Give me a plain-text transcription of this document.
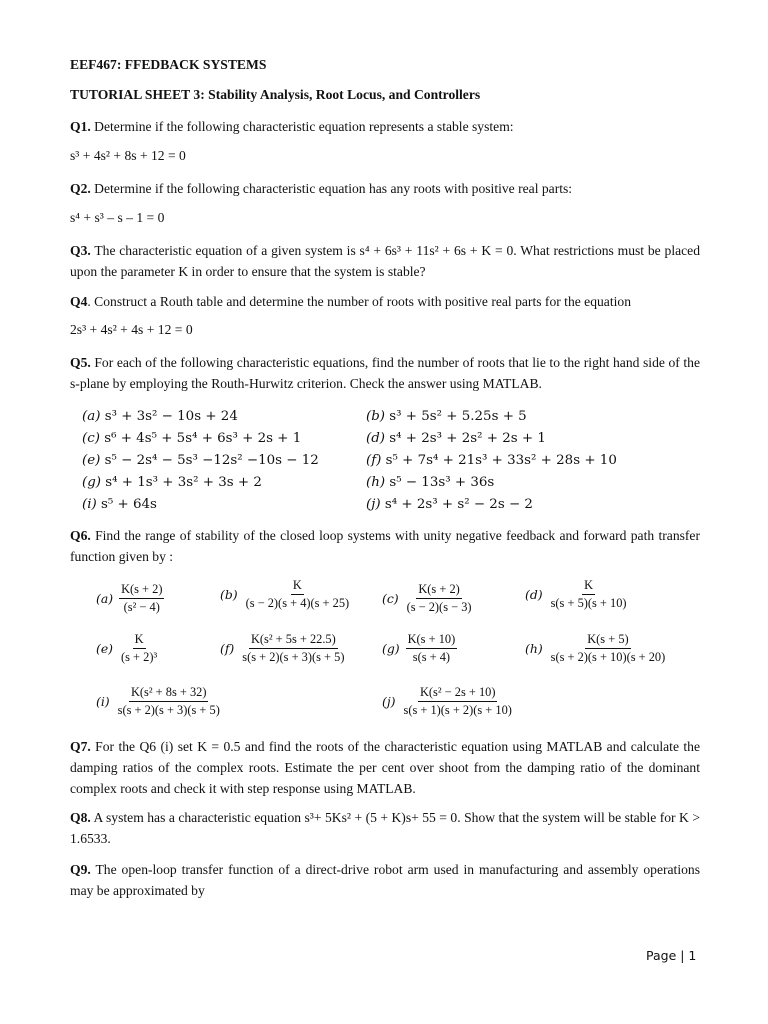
EEF467: FFEDBACK SYSTEMS
TUTORIAL SHEET 3: Stability Analysis, Root Locus, and Controllers
Q1. Determine if the following characteristic equation represents a stable system:
s³ + 4s² + 8s + 12 = 0
Q2. Determine if the following characteristic equation has any roots with positive real parts:
s⁴ + s³ – s – 1 = 0
Q3. The characteristic equation of a given system is s⁴ + 6s³ + 11s² + 6s + K = 0. What restrictions must be placed upon the parameter K in order to ensure that the system is stable?
Q4. Construct a Routh table and determine the number of roots with positive real parts for the equation
2s³ + 4s² + 4s + 12 = 0
Q5. For each of the following characteristic equations, find the number of roots that lie to the right hand side of the s-plane by employing the Routh-Hurwitz criterion. Check the answer using MATLAB.
(a) s³ + 3s² − 10s + 24	(b) s³ + 5s² + 5.25s + 5
(c) s⁶ + 4s⁵ + 5s⁴ + 6s³ + 2s + 1	(d) s⁴ + 2s³ + 2s² + 2s + 1
(e) s⁵ − 2s⁴ − 5s³ −12s² −10s − 12	(f) s⁵ + 7s⁴ + 21s³ + 33s² + 28s + 10
(g) s⁴ + 1s³ + 3s² + 3s + 2	(h) s⁵ − 13s³ + 36s
(i) s⁵ + 64s	(j) s⁴ + 2s³ + s² − 2s − 2
Q6. Find the range of stability of the closed loop systems with unity negative feedback and forward path transfer function given by :
$(a) \frac{K(s + 2)}{\text{(s² − 4)}}$	$(b) \frac{K}{(s - 2)(s + 4)(s + 25)} (c) \frac{K(s + 2)}{(s - 2)(s - 3)}$	$(d) \frac{K}{s(s + 5)(s + 10)}$
$(e) \frac{K}{\text{(s + 2)³}}$	$(f) \frac{\text{K(s² + 5s + 22.5)}}{s(s + 2)(s + 3)(s + 5)}$	$(g) \frac{K(s + 10)}{s(s + 4)}$	$(h) \frac{K(s + 5)}{s(s + 2)(s + 10)(s + 20)}$
$(i) \frac{\text{K(s² + 8s + 32)}}{s(s + 2)(s + 3)(s + 5)}$	$(j) \frac{\text{K(s² − 2s + 10)}}{s(s + 1)(s + 2)(s + 10)}$
Q7. For the Q6 (i) set K = 0.5 and find the roots of the characteristic equation using MATLAB and calculate the damping ratios of the complex roots. Estimate the per cent over shoot from the damping ratio of the dominant complex roots and check it with step response using MATLAB.
Q8. A system has a characteristic equation s³+ 5Ks² + (5 + K)s+ 55 = 0. Show that the system will be stable for K > 1.6533.
Q9. The open-loop transfer function of a direct-drive robot arm used in manufacturing and assembly operations may be approximated by
Page | 1
